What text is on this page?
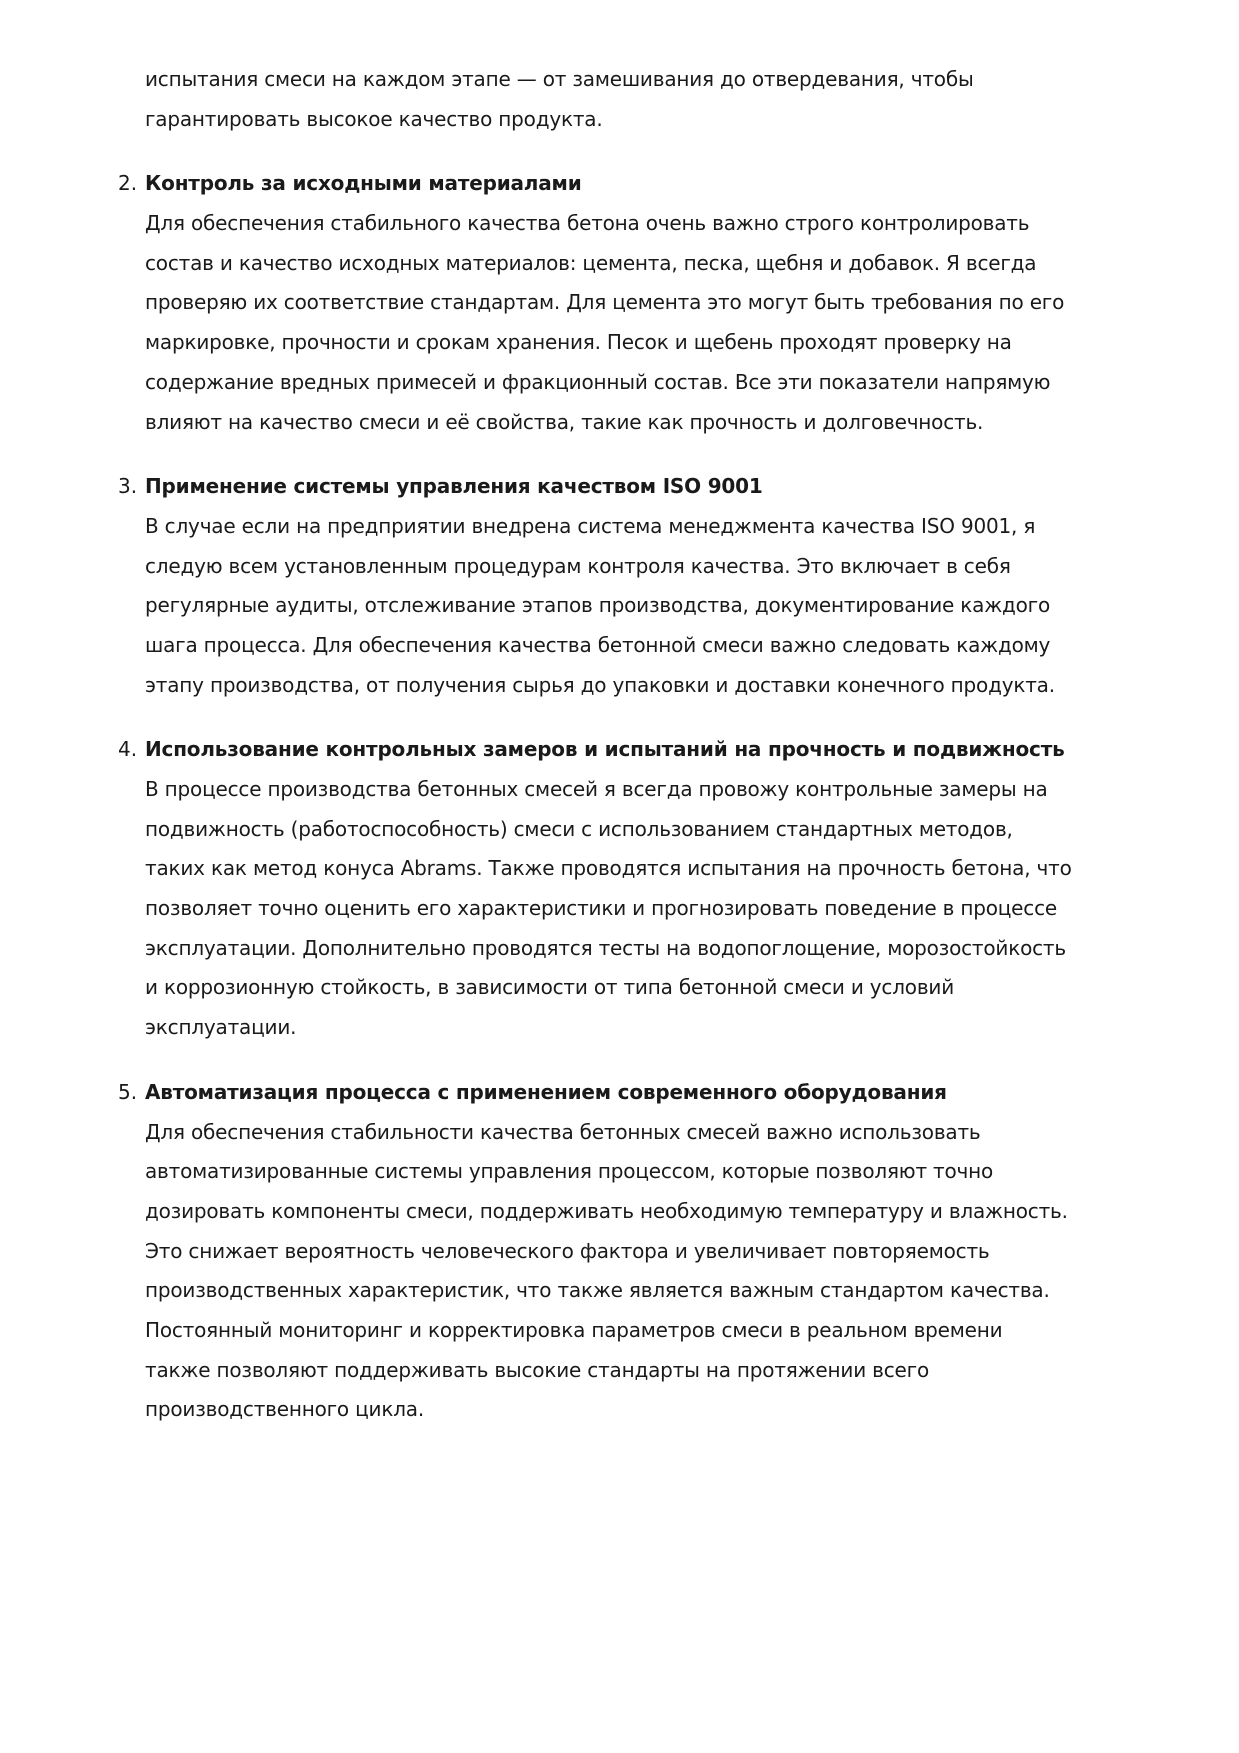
испытания смеси на каждом этапе — от замешивания до отвердевания, чтобы
гарантировать высокое качество продукта.
2. Контроль за исходными материалами
Для обеспечения стабильного качества бетона очень важно строго контролировать
состав и качество исходных материалов: цемента, песка, щебня и добавок. Я всегда
проверяю их соответствие стандартам. Для цемента это могут быть требования по его
маркировке, прочности и срокам хранения. Песок и щебень проходят проверку на
содержание вредных примесей и фракционный состав. Все эти показатели напрямую
влияют на качество смеси и её свойства, такие как прочность и долговечность.
3. Применение системы управления качеством ISO 9001
В случае если на предприятии внедрена система менеджмента качества ISO 9001, я
следую всем установленным процедурам контроля качества. Это включает в себя
регулярные аудиты, отслеживание этапов производства, документирование каждого
шага процесса. Для обеспечения качества бетонной смеси важно следовать каждому
этапу производства, от получения сырья до упаковки и доставки конечного продукта.
4. Использование контрольных замеров и испытаний на прочность и подвижность
В процессе производства бетонных смесей я всегда провожу контрольные замеры на
подвижность (работоспособность) смеси с использованием стандартных методов,
таких как метод конуса Abrams. Также проводятся испытания на прочность бетона, что
позволяет точно оценить его характеристики и прогнозировать поведение в процессе
эксплуатации. Дополнительно проводятся тесты на водопоглощение, морозостойкость
и коррозионную стойкость, в зависимости от типа бетонной смеси и условий
эксплуатации.
5. Автоматизация процесса с применением современного оборудования
Для обеспечения стабильности качества бетонных смесей важно использовать
автоматизированные системы управления процессом, которые позволяют точно
дозировать компоненты смеси, поддерживать необходимую температуру и влажность.
Это снижает вероятность человеческого фактора и увеличивает повторяемость
производственных характеристик, что также является важным стандартом качества.
Постоянный мониторинг и корректировка параметров смеси в реальном времени
также позволяют поддерживать высокие стандарты на протяжении всего
производственного цикла.
